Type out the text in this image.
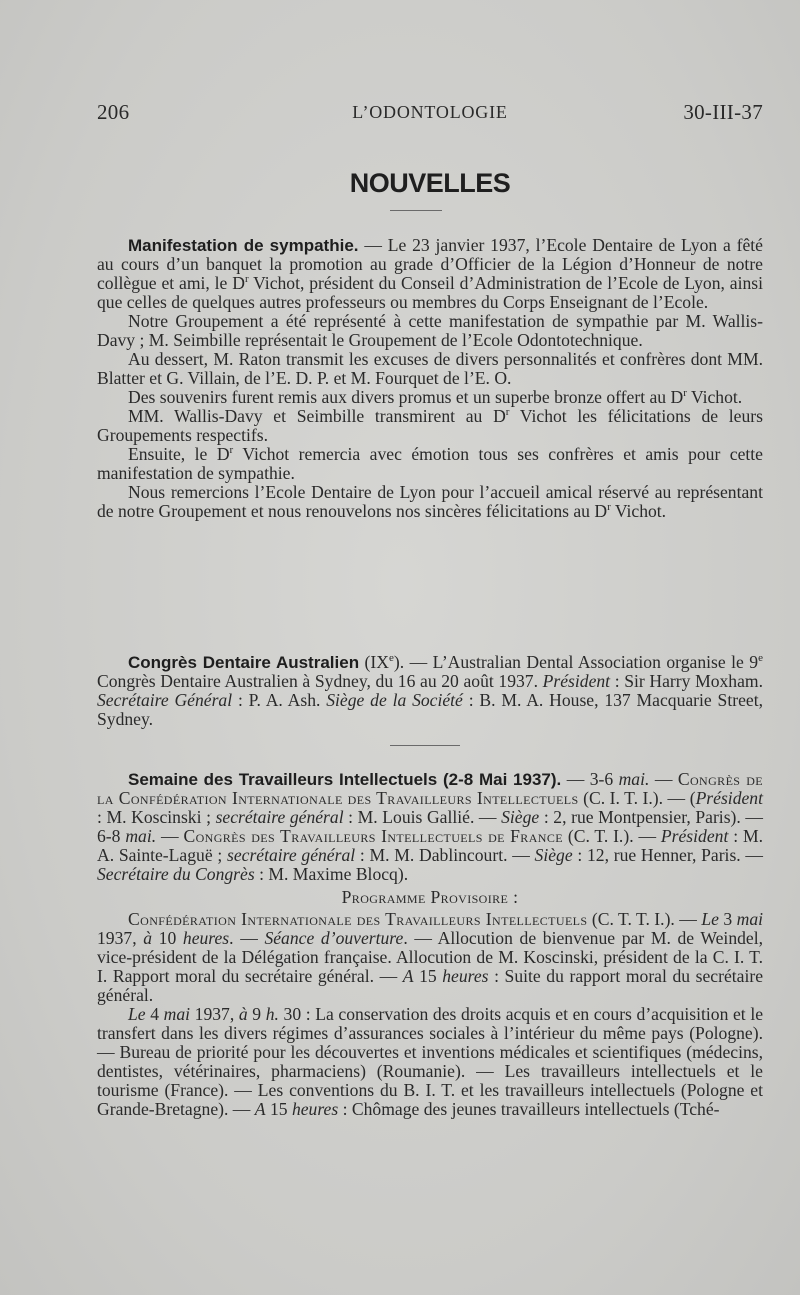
206	L’ODONTOLOGIE	30-III-37
NOUVELLES

Manifestation de sympathie. — Le 23 janvier 1937, l’Ecole Dentaire de Lyon a fêté au cours d’un banquet la promotion au grade d’Officier de la Légion d’Honneur de notre collègue et ami, le $D^r$ Vichot, président du Conseil d’Administration de l’Ecole de Lyon, ainsi que celles de quelques autres professeurs ou membres du Corps Enseignant de l’Ecole.

Notre Groupement a été représenté à cette manifestation de sympathie par M. Wallis-Davy ; M. Seimbille représentait le Groupement de l’Ecole Odontotechnique.

Au dessert, M. Raton transmit les excuses de divers personnalités et confrères dont MM. Blatter et G. Villain, de l’E. D. P. et M. Fourquet de l’E. O.

Des souvenirs furent remis aux divers promus et un superbe bronze offert au $D^r$ Vichot.

MM. Wallis-Davy et Seimbille transmirent au $D^r$ Vichot les félicitations de leurs Groupements respectifs.

Ensuite, le $D^r$ Vichot remercia avec émotion tous ses confrères et amis pour cette manifestation de sympathie.

Nous remercions l’Ecole Dentaire de Lyon pour l’accueil amical réservé au représentant de notre Groupement et nous renouvelons nos sincères félicitations au $D^r$ Vichot.

Congrès Dentaire Australien (IXe). — L’Australian Dental Association organise le 9e Congrès Dentaire Australien à Sydney, du 16 au 20 août 1937. Président : Sir Harry Moxham. Secrétaire Général : P. A. Ash. Siège de la Société : B. M. A. House, 137 Macquarie Street, Sydney.

Semaine des Travailleurs Intellectuels (2-8 Mai 1937). — 3-6 mai. — Congrès de la Confédération Internationale des Travailleurs Intellectuels (C. I. T. I.). — (Président : M. Koscinski ; secrétaire général : M. Louis Gallié. — Siège : 2, rue Montpensier, Paris). — 6-8 mai. — Congrès des Travailleurs Intellectuels de France (C. T. I.). — Président : M. A. Sainte-Laguë ; secrétaire général : M. M. Dablincourt. — Siège : 12, rue Henner, Paris. — Secrétaire du Congrès : M. Maxime Blocq).

Programme Provisoire :

Confédération Internationale des Travailleurs Intellectuels (C. T. T. I.). — Le 3 mai 1937, à 10 heures. — Séance d’ouverture. — Allocution de bienvenue par M. de Weindel, vice-président de la Délégation française. Allocution de M. Koscinski, président de la C. I. T. I. Rapport moral du secrétaire général. — A 15 heures : Suite du rapport moral du secrétaire général.

Le 4 mai 1937, à 9 h. 30 : La conservation des droits acquis et en cours d’acquisition et le transfert dans les divers régimes d’assurances sociales à l’intérieur du même pays (Pologne). — Bureau de priorité pour les découvertes et inventions médicales et scientifiques (médecins, dentistes, vétérinaires, pharmaciens) (Roumanie). — Les travailleurs intellectuels et le tourisme (France). — Les conventions du B. I. T. et les travailleurs intellectuels (Pologne et Grande-Bretagne). — A 15 heures : Chômage des jeunes travailleurs intellectuels (Tché-
